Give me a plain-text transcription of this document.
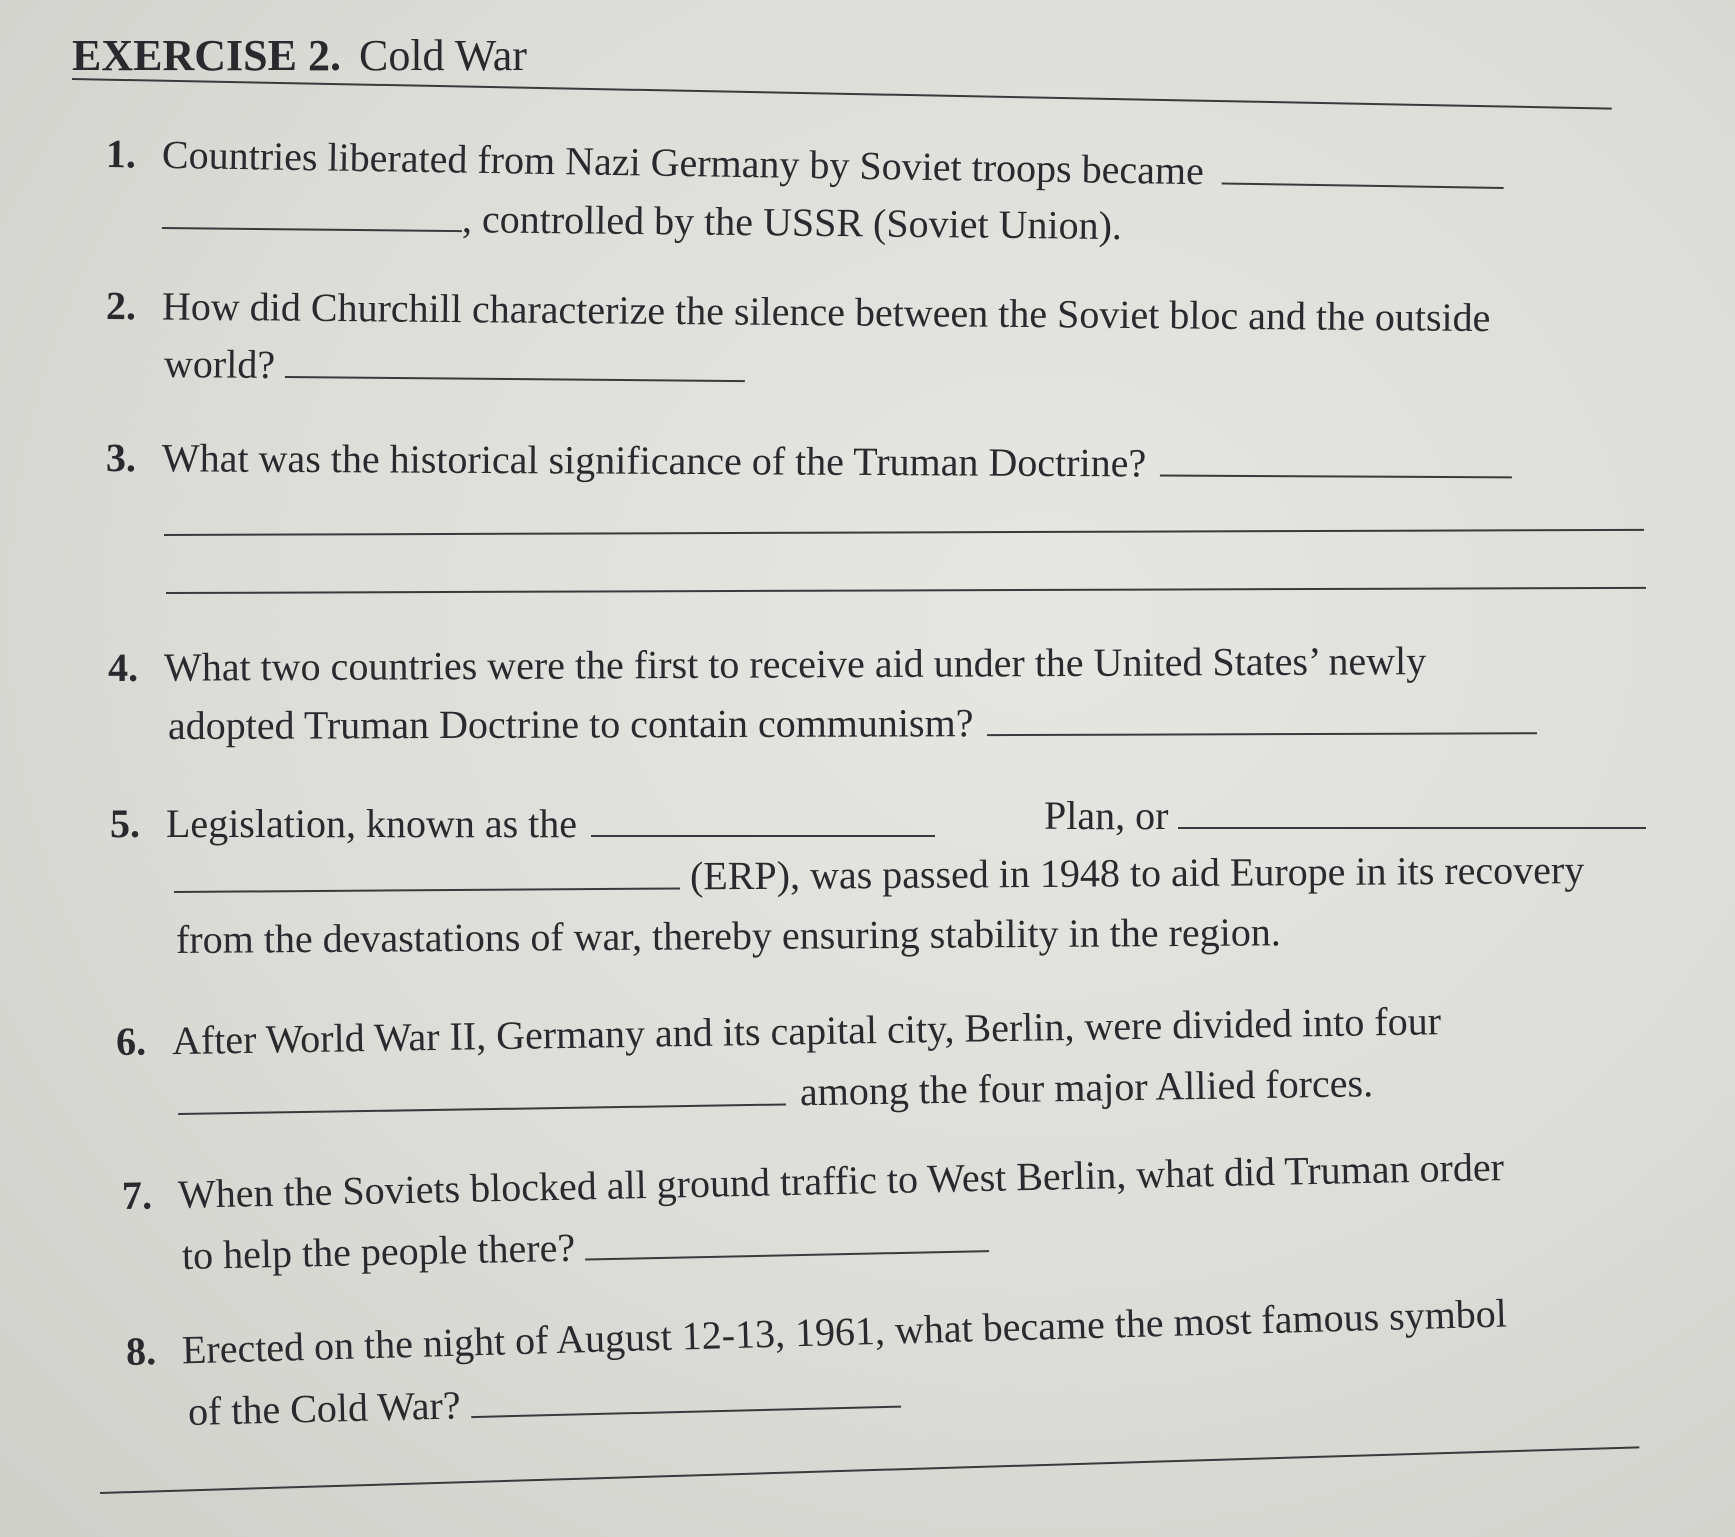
EXERCISE 2. Cold War
1. Countries liberated from Nazi Germany by Soviet troops became
, controlled by the USSR (Soviet Union).
2. How did Churchill characterize the silence between the Soviet bloc and the outside
world?
3. What was the historical significance of the Truman Doctrine?
4. What two countries were the first to receive aid under the United States’ newly
adopted Truman Doctrine to contain communism?
5. Legislation, known as the	Plan, or
(ERP), was passed in 1948 to aid Europe in its recovery
from the devastations of war, thereby ensuring stability in the region.
6. After World War II, Germany and its capital city, Berlin, were divided into four
among the four major Allied forces.
7. When the Soviets blocked all ground traffic to West Berlin, what did Truman order
to help the people there?
8. Erected on the night of August 12-13, 1961, what became the most famous symbol
of the Cold War?
